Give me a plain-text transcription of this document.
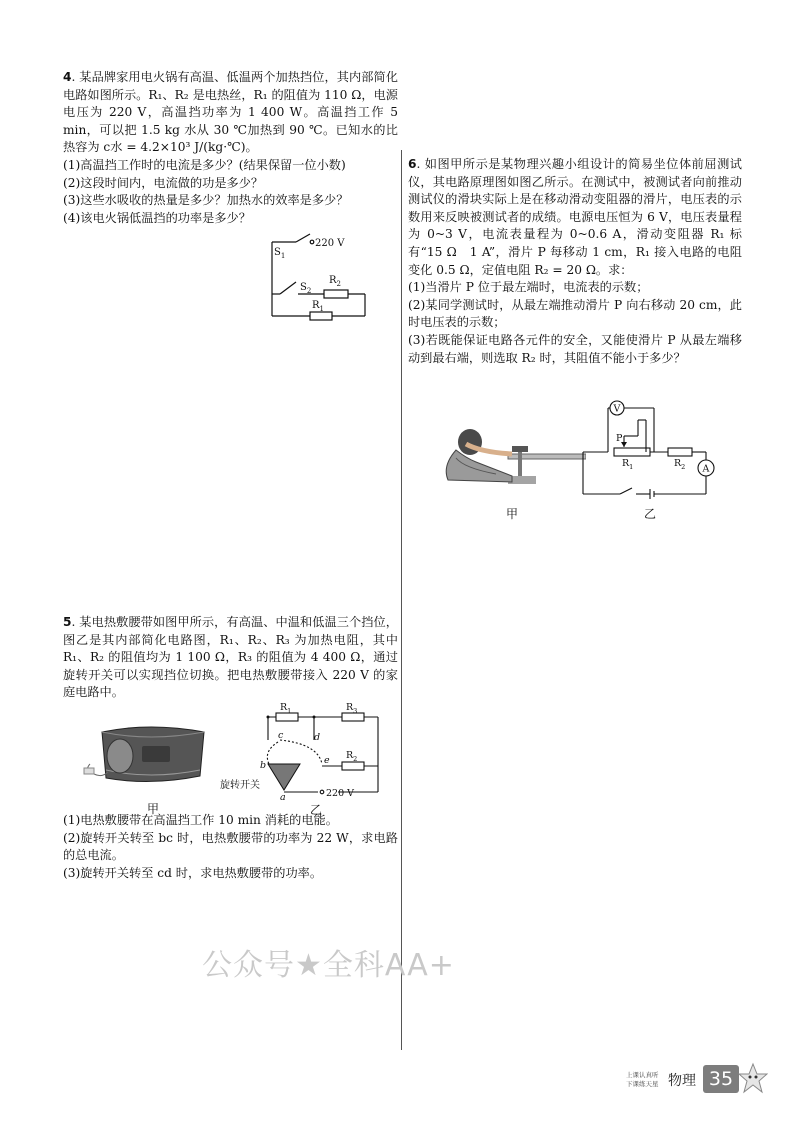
4. 某品牌家用电火锅有高温、低温两个加热挡位，其内部简化电路如图所示。R₁、R₂ 是电热丝，R₁ 的阻值为 110 Ω，电源电压为 220 V，高温挡功率为 1 400 W。高温挡工作 5 min，可以把 1.5 kg 水从 30 ℃加热到 90 ℃。已知水的比热容为 c水 = 4.2×10³ J/(kg·℃)。

(1)高温挡工作时的电流是多少？(结果保留一位小数)

(2)这段时间内，电流做的功是多少？

(3)这些水吸收的热量是多少？加热水的效率是多少？

(4)该电火锅低温挡的功率是多少？

$S_1$
220 V
$R_2$
$S_2$
$R_1$

5. 某电热敷腰带如图甲所示，有高温、中温和低温三个挡位，图乙是其内部简化电路图，R₁、R₂、R₃ 为加热电阻，其中 R₁、R₂ 的阻值均为 1 100 Ω，R₃ 的阻值为 4 400 Ω，通过旋转开关可以实现挡位切换。把电热敷腰带接入 220 V 的家庭电路中。

甲
$R_1$	$R_3$
$R_2$
c	d
b	e
a
旋转开关
220 V
乙

(1)电热敷腰带在高温挡工作 10 min 消耗的电能。

(2)旋转开关转至 bc 时，电热敷腰带的功率为 22 W，求电路的总电流。

(3)旋转开关转至 cd 时，求电热敷腰带的功率。

6. 如图甲所示是某物理兴趣小组设计的简易坐位体前屈测试仪，其电路原理图如图乙所示。在测试中，被测试者向前推动测试仪的滑块实际上是在移动滑动变阻器的滑片，电压表的示数用来反映被测试者的成绩。电源电压恒为 6 V，电压表量程为 0~3 V，电流表量程为 0~0.6 A，滑动变阻器 R₁ 标有“15 Ω　1 A”，滑片 P 每移动 1 cm，R₁ 接入电路的电阻变化 0.5 Ω，定值电阻 R₂ = 20 Ω。求：

(1)当滑片 P 位于最左端时，电流表的示数；

(2)某同学测试时，从最左端推动滑片 P 向右移动 20 cm，此时电压表的示数；

(3)若既能保证电路各元件的安全，又能使滑片 P 从最左端移动到最右端，则选取 R₂ 时，其阻值不能小于多少？

甲
V
A
P
$R_1$	$R_2$
乙
公众号★全科AA+
上课认真听
下课练天星 物理 35
